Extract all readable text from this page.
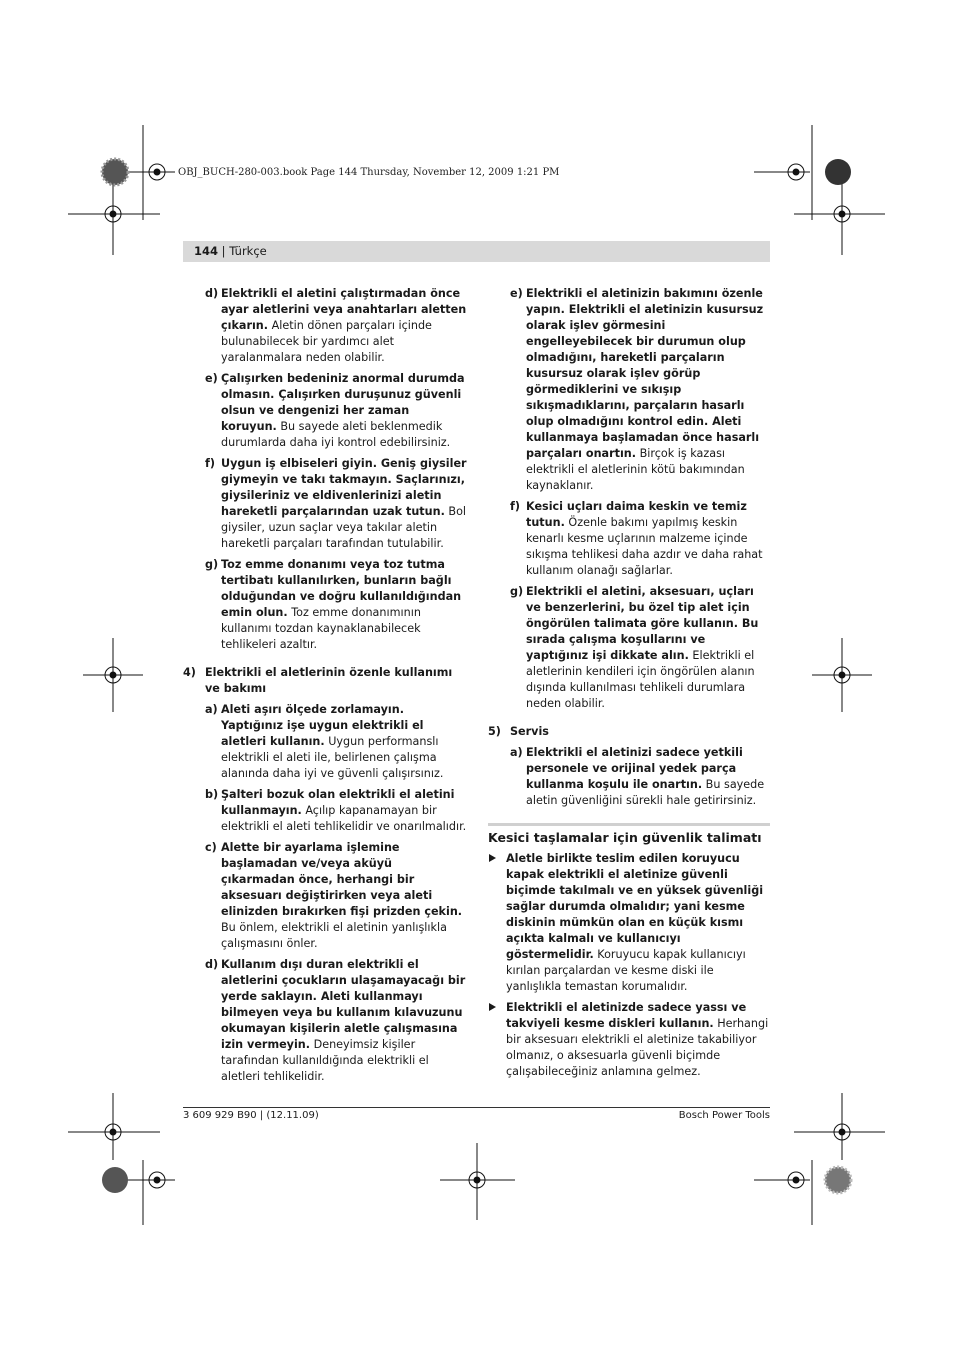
OBJ_BUCH-280-003.book Page 144 Thursday, November 12, 2009 1:21 PM
144 | Türkçe
d) Elektrikli el aletini çalıştırmadan önce ayar aletlerini veya anahtarları aletten çıkarın. Aletin dönen parçaları içinde bulunabilecek bir yardımcı alet yaralanmalara neden olabilir.
e) Çalışırken bedeniniz anormal durumda olmasın. Çalışırken duruşunuz güvenli olsun ve dengenizi her zaman koruyun. Bu sayede aleti beklenmedik durumlarda daha iyi kontrol edebilirsiniz.
f) Uygun iş elbiseleri giyin. Geniş giysiler giymeyin ve takı takmayın. Saçlarınızı, giysileriniz ve eldivenlerinizi aletin hareketli parçalarından uzak tutun. Bol giysiler, uzun saçlar veya takılar aletin hareketli parçaları tarafından tutulabilir.
g) Toz emme donanımı veya toz tutma tertibatı kullanılırken, bunların bağlı olduğundan ve doğru kullanıldığından emin olun. Toz emme donanımının kullanımı tozdan kaynaklanabilecek tehlikeleri azaltır.
4) Elektrikli el aletlerinin özenle kullanımı ve bakımı
a) Aleti aşırı ölçede zorlamayın. Yaptığınız işe uygun elektrikli el aletleri kullanın. Uygun performanslı elektrikli el aleti ile, belirlenen çalışma alanında daha iyi ve güvenli çalışırsınız.
b) Şalteri bozuk olan elektrikli el aletini kullanmayın. Açılıp kapanamayan bir elektrikli el aleti tehlikelidir ve onarılmalıdır.
c) Alette bir ayarlama işlemine başlamadan ve/veya aküyü çıkarmadan önce, herhangi bir aksesuarı değiştirirken veya aleti elinizden bırakırken fişi prizden çekin. Bu önlem, elektrikli el aletinin yanlışlıkla çalışmasını önler.
d) Kullanım dışı duran elektrikli el aletlerini çocukların ulaşamayacağı bir yerde saklayın. Aleti kullanmayı bilmeyen veya bu kullanım kılavuzunu okumayan kişilerin aletle çalışmasına izin vermeyin. Deneyimsiz kişiler tarafından kullanıldığında elektrikli el aletleri tehlikelidir.
e) Elektrikli el aletinizin bakımını özenle yapın. Elektrikli el aletinizin kusursuz olarak işlev görmesini engelleyebilecek bir durumun olup olmadığını, hareketli parçaların kusursuz olarak işlev görüp görmediklerini ve sıkışıp sıkışmadıklarını, parçaların hasarlı olup olmadığını kontrol edin. Aleti kullanmaya başlamadan önce hasarlı parçaları onartın. Birçok iş kazası elektrikli el aletlerinin kötü bakımından kaynaklanır.
f) Kesici uçları daima keskin ve temiz tutun. Özenle bakımı yapılmış keskin kenarlı kesme uçlarının malzeme içinde sıkışma tehlikesi daha azdır ve daha rahat kullanım olanağı sağlarlar.
g) Elektrikli el aletini, aksesuarı, uçları ve benzerlerini, bu özel tip alet için öngörülen talimata göre kullanın. Bu sırada çalışma koşullarını ve yaptığınız işi dikkate alın. Elektrikli el aletlerinin kendileri için öngörülen alanın dışında kullanılması tehlikeli durumlara neden olabilir.
5) Servis
a) Elektrikli el aletinizi sadece yetkili personele ve orijinal yedek parça kullanma koşulu ile onartın. Bu sayede aletin güvenliğini sürekli hale getirirsiniz.
Kesici taşlamalar için güvenlik talimatı
Aletle birlikte teslim edilen koruyucu kapak elektrikli el aletinize güvenli biçimde takılmalı ve en yüksek güvenliği sağlar durumda olmalıdır; yani kesme diskinin mümkün olan en küçük kısmı açıkta kalmalı ve kullanıcıyı göstermelidir. Koruyucu kapak kullanıcıyı kırılan parçalardan ve kesme diski ile yanlışlıkla temastan korumalıdır.
Elektrikli el aletinizde sadece yassı ve takviyeli kesme diskleri kullanın. Herhangi bir aksesuarı elektrikli el aletinize takabiliyor olmanız, o aksesuarla güvenli biçimde çalışabileceğiniz anlamına gelmez.
3 609 929 B90 | (12.11.09)	Bosch Power Tools
